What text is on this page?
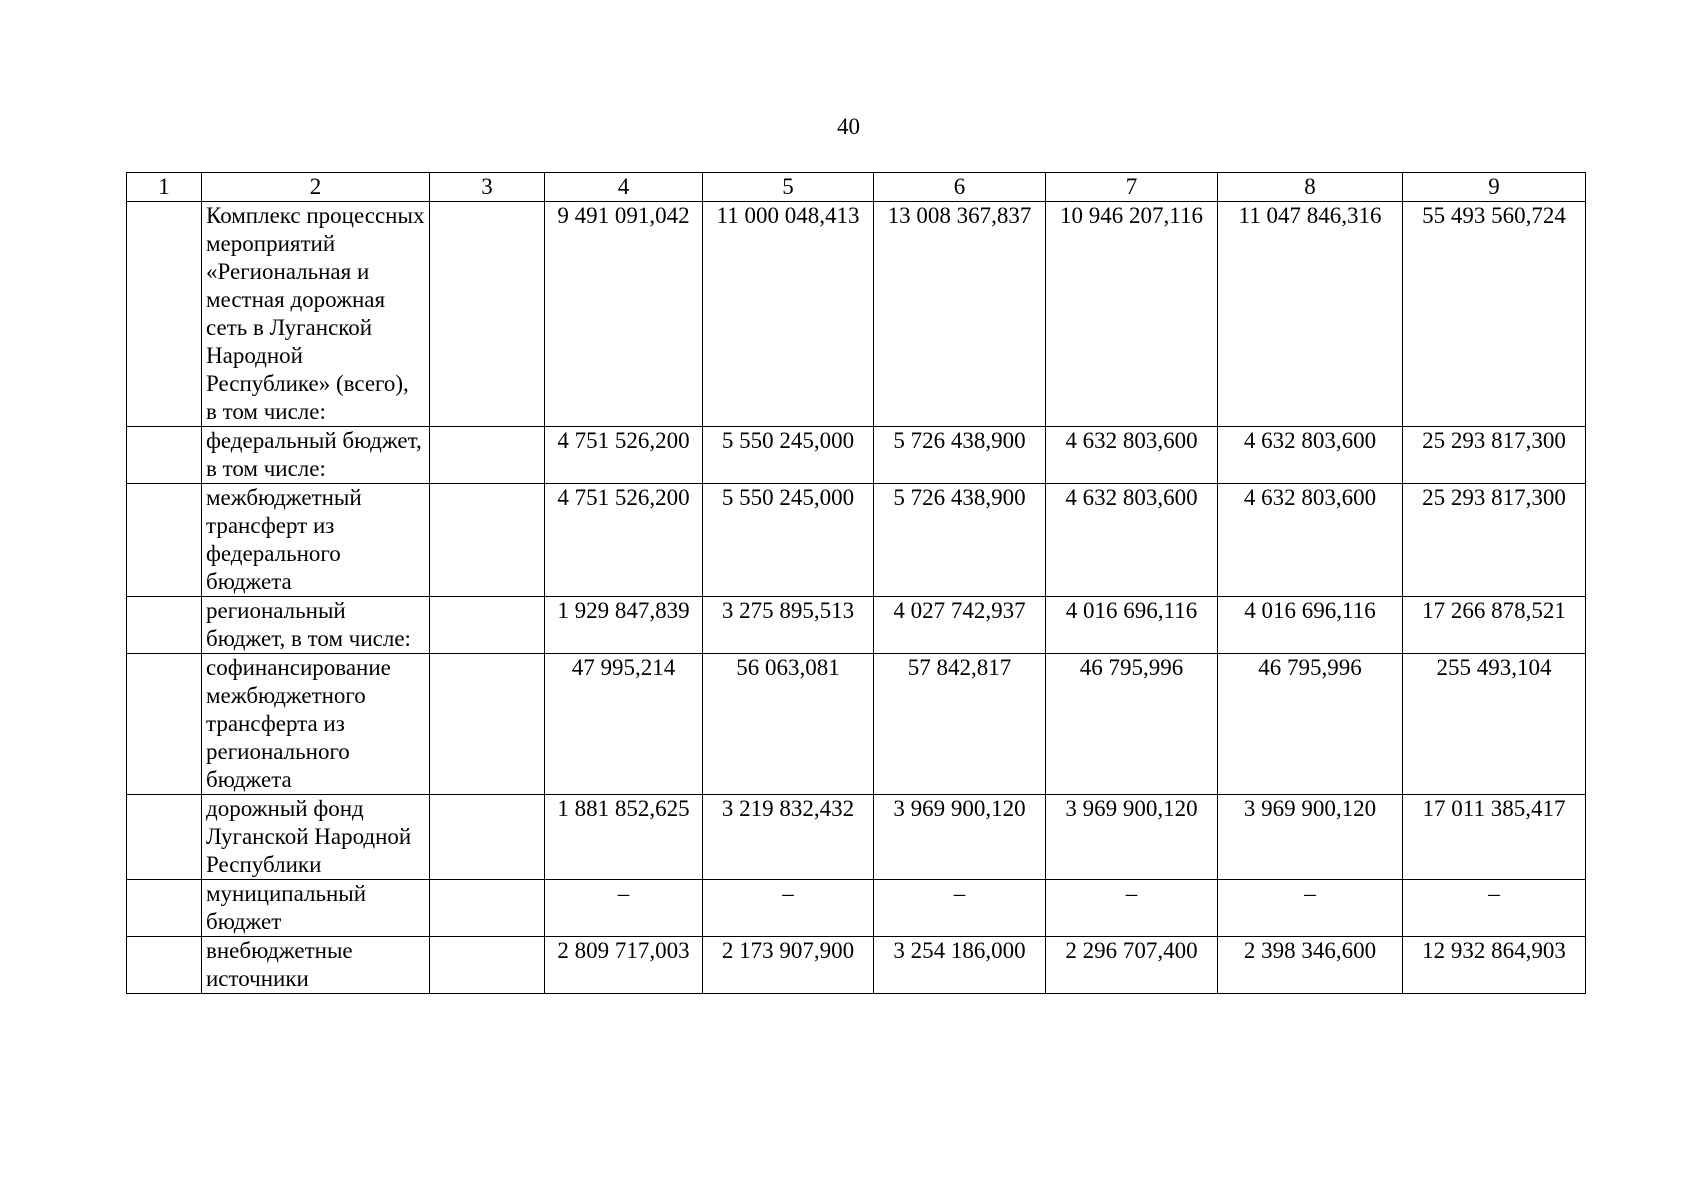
40
1	2	3	4	5	6	7	8	9
	Комплекс процессных мероприятий «Региональная и местная дорожная сеть в Луганской Народной Республике» (всего), в том числе:		9 491 091,042	11 000 048,413	13 008 367,837	10 946 207,116	11 047 846,316	55 493 560,724
	федеральный бюджет, в том числе:		4 751 526,200	5 550 245,000	5 726 438,900	4 632 803,600	4 632 803,600	25 293 817,300
	межбюджетный трансферт из федерального бюджета		4 751 526,200	5 550 245,000	5 726 438,900	4 632 803,600	4 632 803,600	25 293 817,300
	региональный бюджет, в том числе:		1 929 847,839	3 275 895,513	4 027 742,937	4 016 696,116	4 016 696,116	17 266 878,521
	софинансирование межбюджетного трансферта из регионального бюджета		47 995,214	56 063,081	57 842,817	46 795,996	46 795,996	255 493,104
	дорожный фонд Луганской Народной Республики		1 881 852,625	3 219 832,432	3 969 900,120	3 969 900,120	3 969 900,120	17 011 385,417
	муниципальный бюджет		–	–	–	–	–	–
	внебюджетные источники		2 809 717,003	2 173 907,900	3 254 186,000	2 296 707,400	2 398 346,600	12 932 864,903
